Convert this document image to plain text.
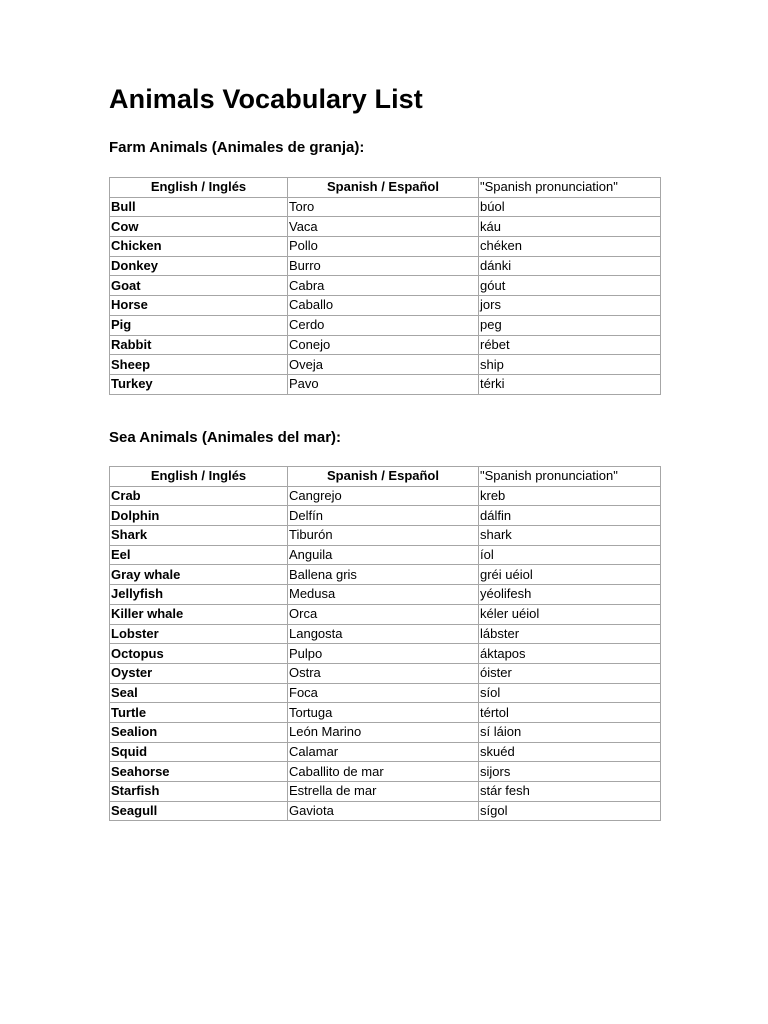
Animals Vocabulary List
Farm Animals (Animales de granja):
English / Inglés	Spanish / Español	"Spanish pronunciation"
Bull	Toro	búol
Cow	Vaca	káu
Chicken	Pollo	chéken
Donkey	Burro	dánki
Goat	Cabra	góut
Horse	Caballo	jors
Pig	Cerdo	peg
Rabbit	Conejo	rébet
Sheep	Oveja	ship
Turkey	Pavo	térki
Sea Animals (Animales del mar):
English / Inglés	Spanish / Español	"Spanish pronunciation"
Crab	Cangrejo	kreb
Dolphin	Delfín	dálfin
Shark	Tiburón	shark
Eel	Anguila	íol
Gray whale	Ballena gris	gréi uéiol
Jellyfish	Medusa	yéolifesh
Killer whale	Orca	kéler uéiol
Lobster	Langosta	lábster
Octopus	Pulpo	áktapos
Oyster	Ostra	óister
Seal	Foca	síol
Turtle	Tortuga	tértol
Sealion	León Marino	sí láion
Squid	Calamar	skuéd
Seahorse	Caballito de mar	sijors
Starfish	Estrella de mar	stár fesh
Seagull	Gaviota	sígol
